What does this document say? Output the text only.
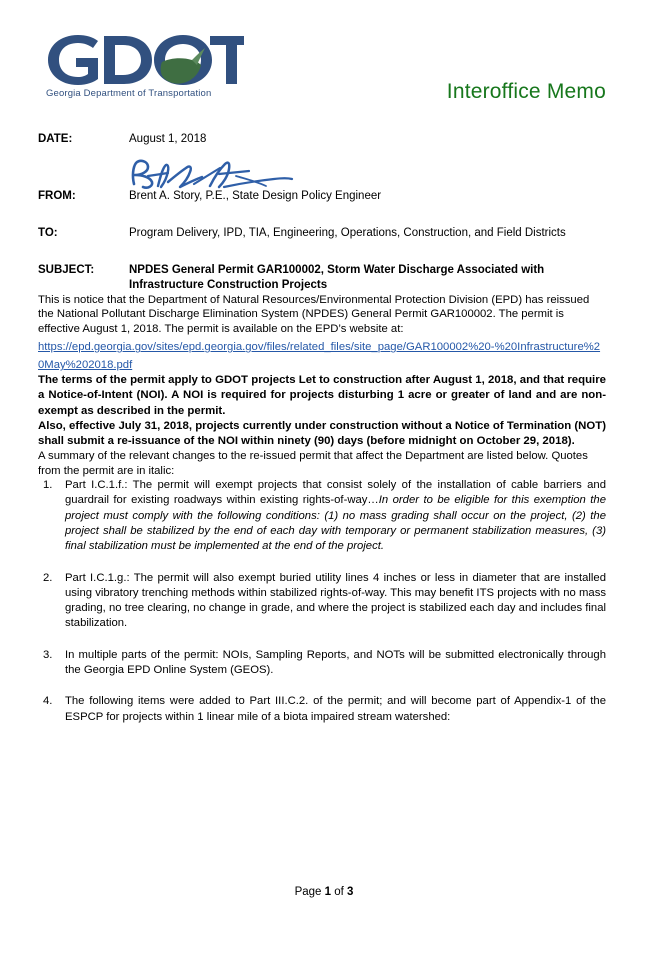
Georgia Department of Transportation	Interoffice Memo
DATE:	August 1, 2018
FROM:	Brent A. Story, P.E., State Design Policy Engineer
TO:	Program Delivery, IPD, TIA, Engineering, Operations, Construction, and Field Districts
SUBJECT:	NPDES General Permit GAR100002, Storm Water Discharge Associated with Infrastructure Construction Projects

This is notice that the Department of Natural Resources/Environmental Protection Division (EPD) has reissued the National Pollutant Discharge Elimination System (NPDES) General Permit GAR100002. The permit is effective August 1, 2018. The permit is available on the EPD’s website at:

https://epd.georgia.gov/sites/epd.georgia.gov/files/related_files/site_page/GAR100002%20-%20Infrastructure%20May%202018.pdf

The terms of the permit apply to GDOT projects Let to construction after August 1, 2018, and that require a Notice-of-Intent (NOI). A NOI is required for projects disturbing 1 acre or greater of land and are non-exempt as described in the permit.

Also, effective July 31, 2018, projects currently under construction without a Notice of Termination (NOT) shall submit a re-issuance of the NOI within ninety (90) days (before midnight on October 29, 2018).

A summary of the relevant changes to the re-issued permit that affect the Department are listed below. Quotes from the permit are in italic:

1.	Part I.C.1.f.: The permit will exempt projects that consist solely of the installation of cable barriers and guardrail for existing roadways within existing rights-of-way…In order to be eligible for this exemption the project must comply with the following conditions: (1) no mass grading shall occur on the project, (2) the project shall be stabilized by the end of each day with temporary or permanent stabilization measures, (3) final stabilization must be implemented at the end of the project.
2.	Part I.C.1.g.: The permit will also exempt buried utility lines 4 inches or less in diameter that are installed using vibratory trenching methods within stabilized rights-of-way. This may benefit ITS projects with no mass grading, no tree clearing, no change in grade, and where the project is stabilized each day and includes final stabilization.
3.	In multiple parts of the permit: NOIs, Sampling Reports, and NOTs will be submitted electronically through the Georgia EPD Online System (GEOS).
4.	The following items were added to Part III.C.2. of the permit; and will become part of Appendix-1 of the ESPCP for projects within 1 linear mile of a biota impaired stream watershed:
Page 1 of 3
